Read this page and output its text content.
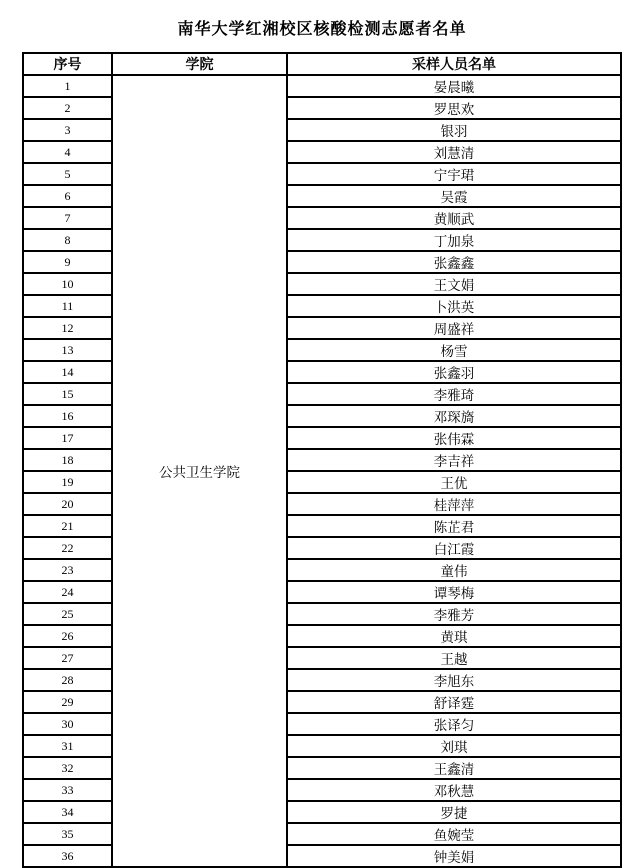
南华大学红湘校区核酸检测志愿者名单
序号	学院	采样人员名单
1	公共卫生学院	晏晨曦
2		罗思欢
3		银羽
4		刘慧清
5		宁宇珺
6		吴霞
7		黄顺武
8		丁加泉
9		张鑫鑫
10		王文娟
11		卜洪英
12		周盛祥
13		杨雪
14		张鑫羽
15		李雅琦
16		邓琛旖
17		张伟霖
18		李吉祥
19		王优
20		桂萍萍
21		陈芷君
22		白江霞
23		童伟
24		谭琴梅
25		李雅芳
26		黄琪
27		王越
28		李旭东
29		舒译霆
30		张译匀
31		刘琪
32		王鑫清
33		邓秋慧
34		罗捷
35		鱼婉莹
36		钟美娟
